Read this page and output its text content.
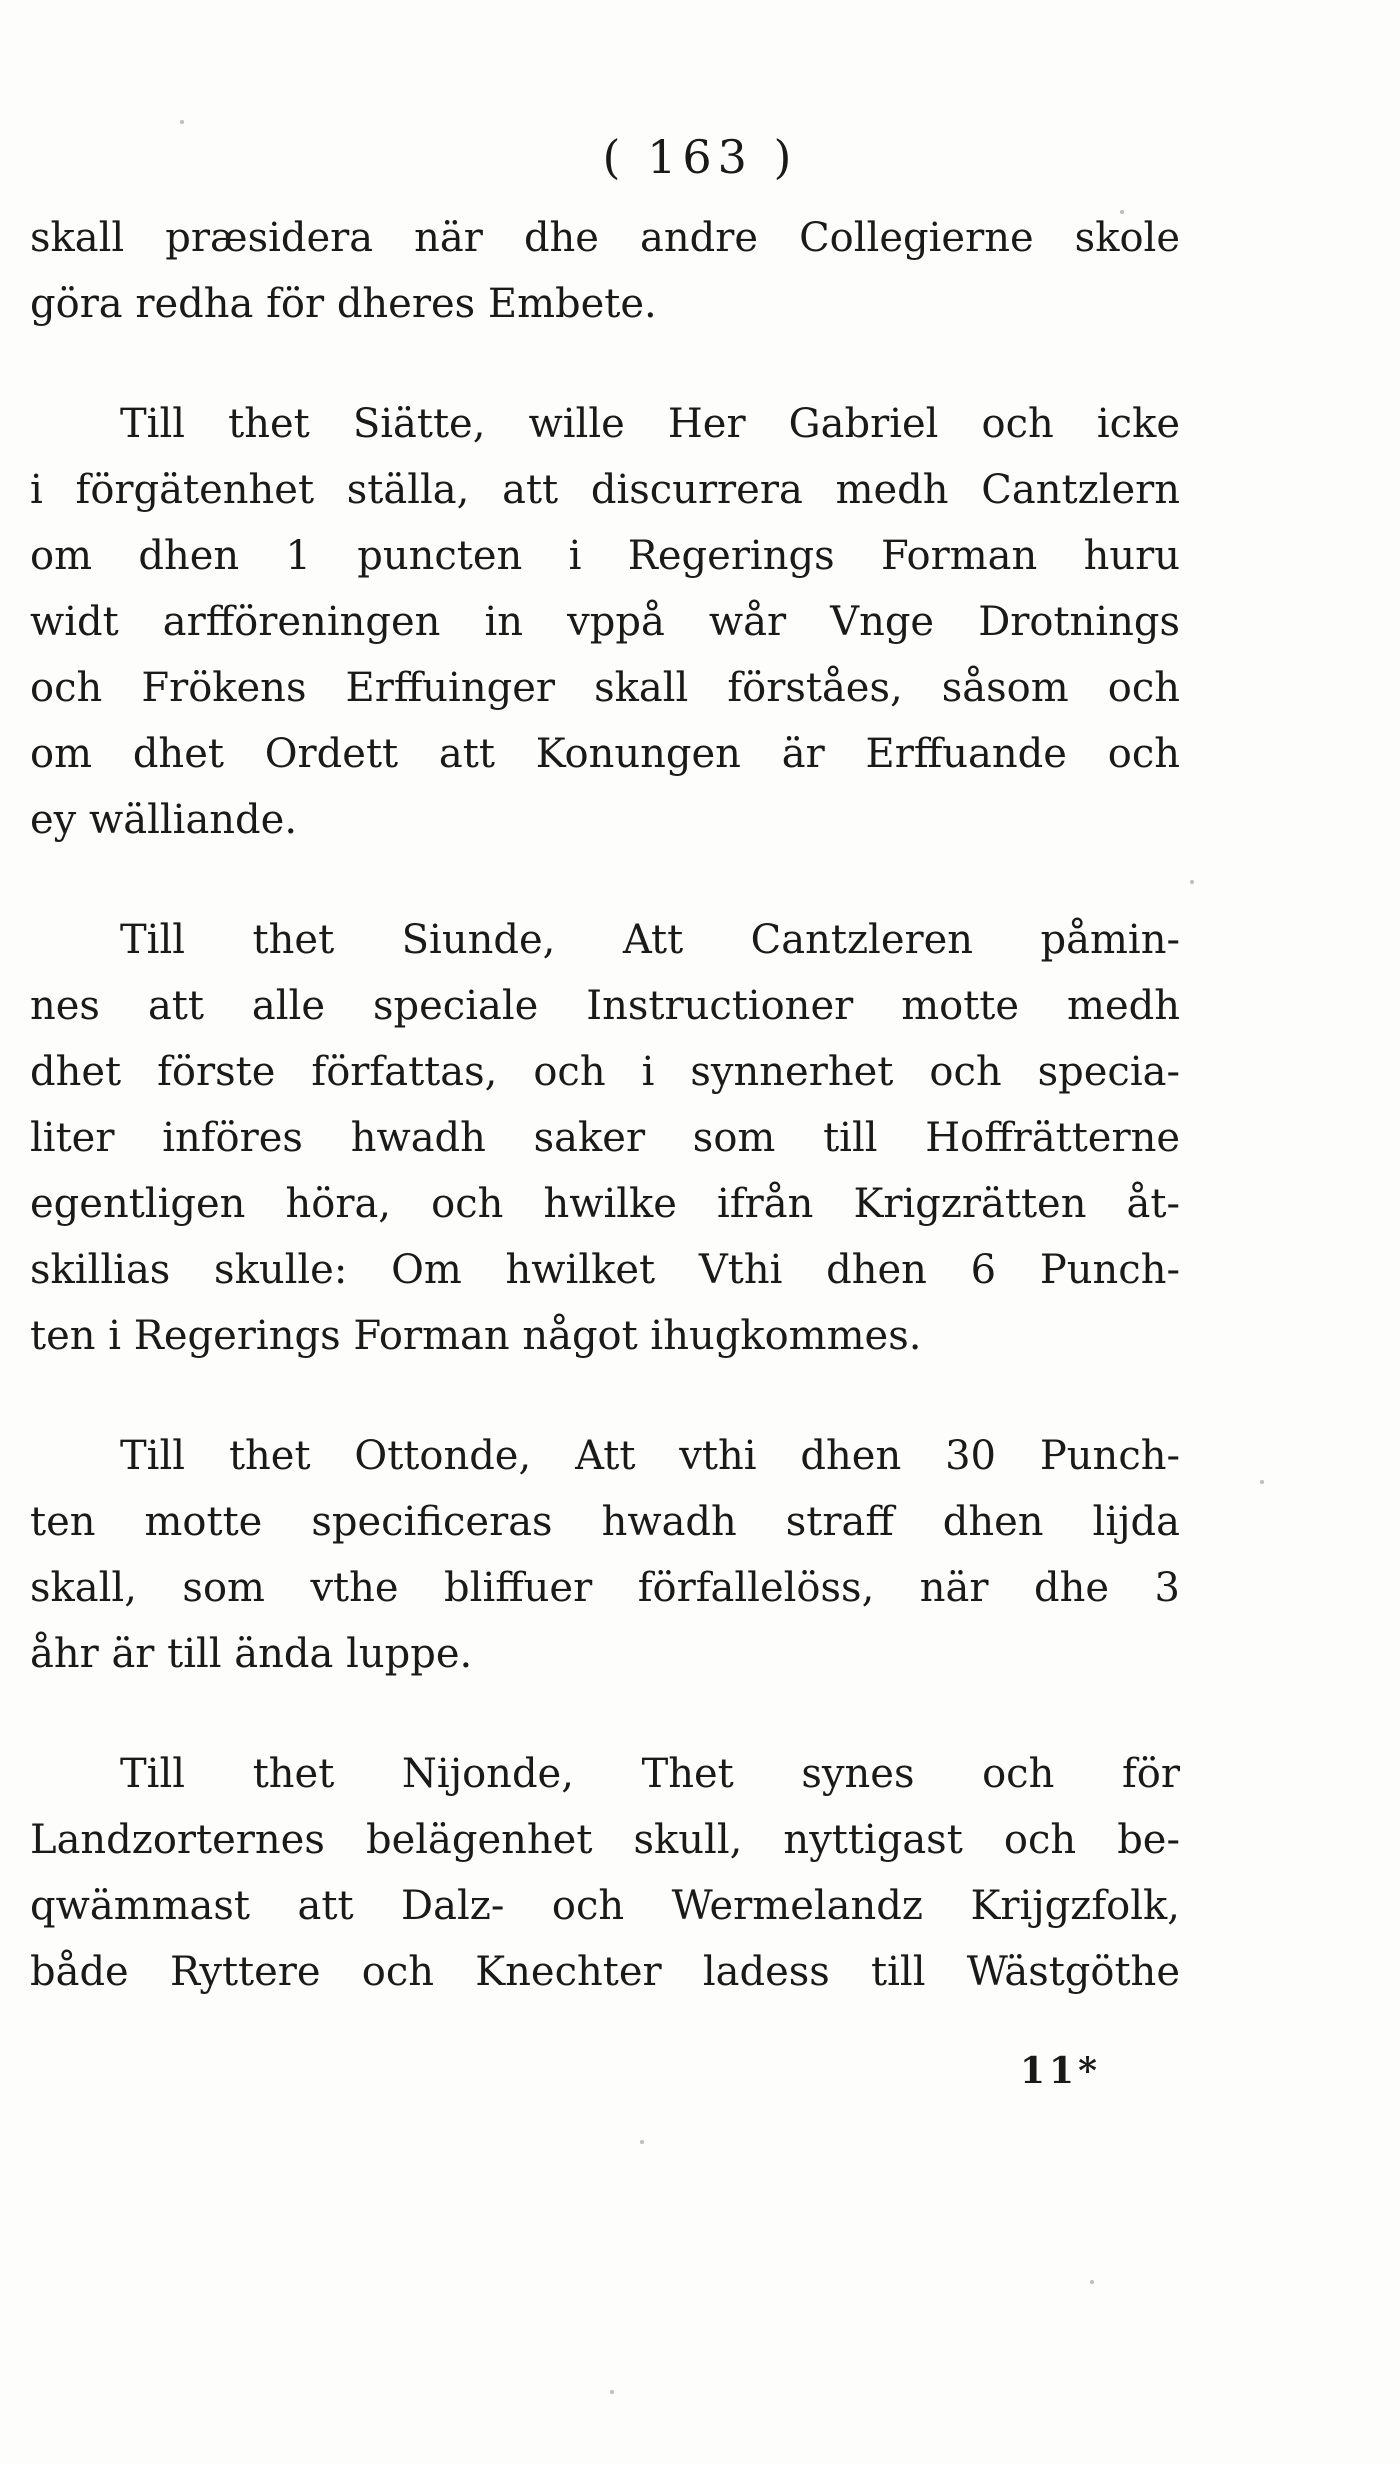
( 163 )
skall præsidera när dhe andre Collegierne skole
göra redha för dheres Embete.
Till thet Siätte, wille Her Gabriel och icke
i förgätenhet ställa, att discurrera medh Cantzlern
om dhen 1 puncten i Regerings Forman huru
widt arfföreningen in vppå wår Vnge Drotnings
och Frökens Erffuinger skall förståes, såsom och
om dhet Ordett att Konungen är Erffuande och
ey wälliande.
Till thet Siunde, Att Cantzleren påmin-
nes att alle speciale Instructioner motte medh
dhet förste författas, och i synnerhet och specia-
liter införes hwadh saker som till Hoffrätterne
egentligen höra, och hwilke ifrån Krigzrätten åt-
skillias skulle: Om hwilket Vthi dhen 6 Punch-
ten i Regerings Forman något ihugkommes.
Till thet Ottonde, Att vthi dhen 30 Punch-
ten motte specificeras hwadh straff dhen lijda
skall, som vthe bliffuer förfallelöss, när dhe 3
åhr är till ända luppe.
Till thet Nijonde, Thet synes och för
Landzorternes belägenhet skull, nyttigast och be-
qwämmast att Dalz- och Wermelandz Krijgzfolk,
både Ryttere och Knechter ladess till Wästgöthe
11*
